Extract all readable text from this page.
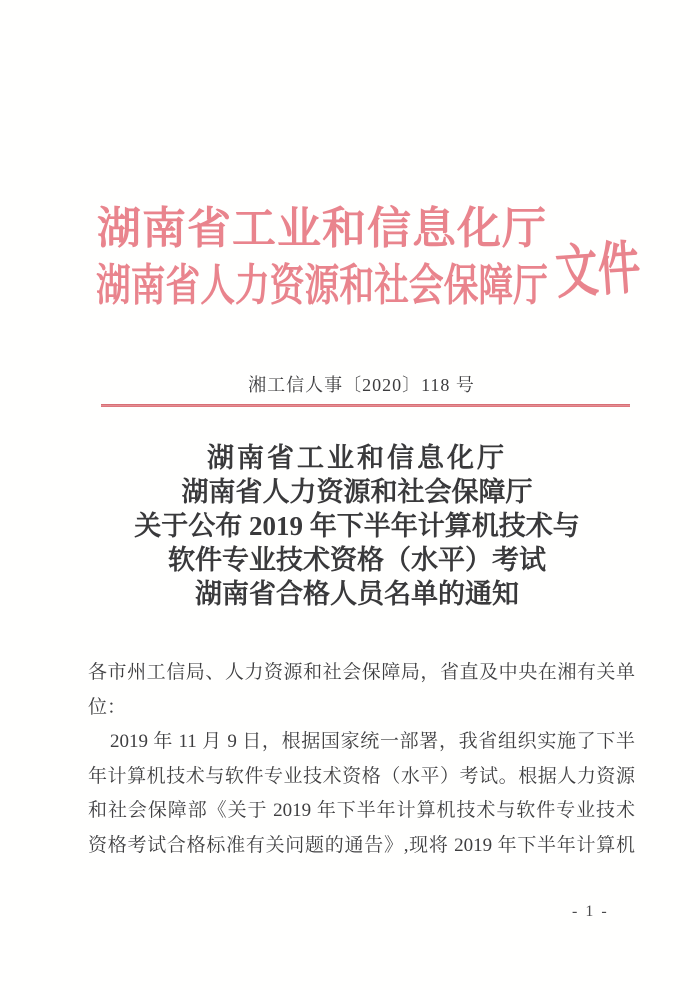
湖南省工业和信息化厅
湖南省人力资源和社会保障厅 文件
湘工信人事〔2020〕118 号
湖南省工业和信息化厅
湖南省人力资源和社会保障厅
关于公布 2019 年下半年计算机技术与
软件专业技术资格（水平）考试
湖南省合格人员名单的通知
各市州工信局、人力资源和社会保障局，省直及中央在湘有关单
位：
2019 年 11 月 9 日，根据国家统一部署，我省组织实施了下半
年计算机技术与软件专业技术资格（水平）考试。根据人力资源
和社会保障部《关于 2019 年下半年计算机技术与软件专业技术
资格考试合格标准有关问题的通告》,现将 2019 年下半年计算机
- 1 -
